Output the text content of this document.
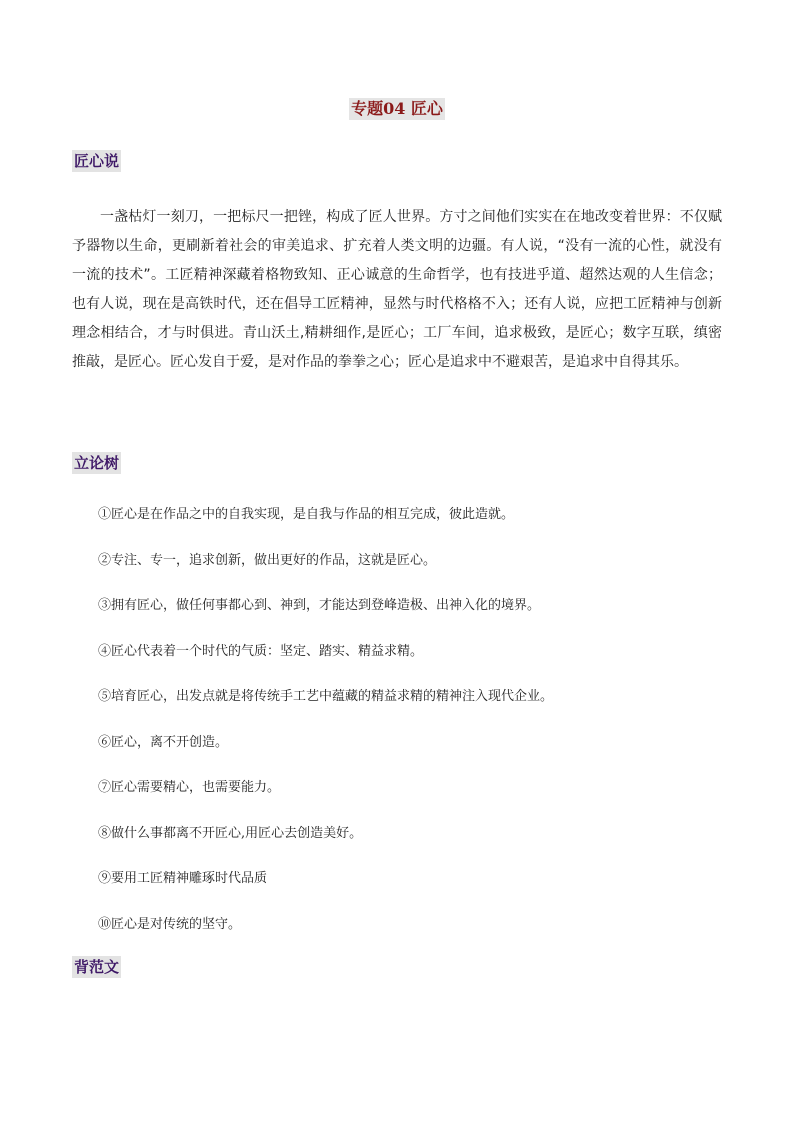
专题04 匠心
匠心说

一盏枯灯一刻刀，一把标尺一把锉，构成了匠人世界。方寸之间他们实实在在地改变着世界：不仅赋予器物以生命，更刷新着社会的审美追求、扩充着人类文明的边疆。有人说，“没有一流的心性，就没有一流的技术”。工匠精神深藏着格物致知、正心诚意的生命哲学，也有技进乎道、超然达观的人生信念；也有人说，现在是高铁时代，还在倡导工匠精神，显然与时代格格不入；还有人说，应把工匠精神与创新理念相结合，才与时俱进。青山沃土,精耕细作,是匠心；工厂车间，追求极致，是匠心；数字互联，缜密推敲，是匠心。匠心发自于爱，是对作品的拳拳之心；匠心是追求中不避艰苦，是追求中自得其乐。

立论树
①匠心是在作品之中的自我实现，是自我与作品的相互完成，彼此造就。
②专注、专一，追求创新，做出更好的作品，这就是匠心。
③拥有匠心，做任何事都心到、神到，才能达到登峰造极、出神入化的境界。
④匠心代表着一个时代的气质：坚定、踏实、精益求精。
⑤培育匠心，出发点就是将传统手工艺中蕴藏的精益求精的精神注入现代企业。
⑥匠心，离不开创造。
⑦匠心需要精心，也需要能力。
⑧做什么事都离不开匠心,用匠心去创造美好。
⑨要用工匠精神雕琢时代品质
⑩匠心是对传统的坚守。
背范文
